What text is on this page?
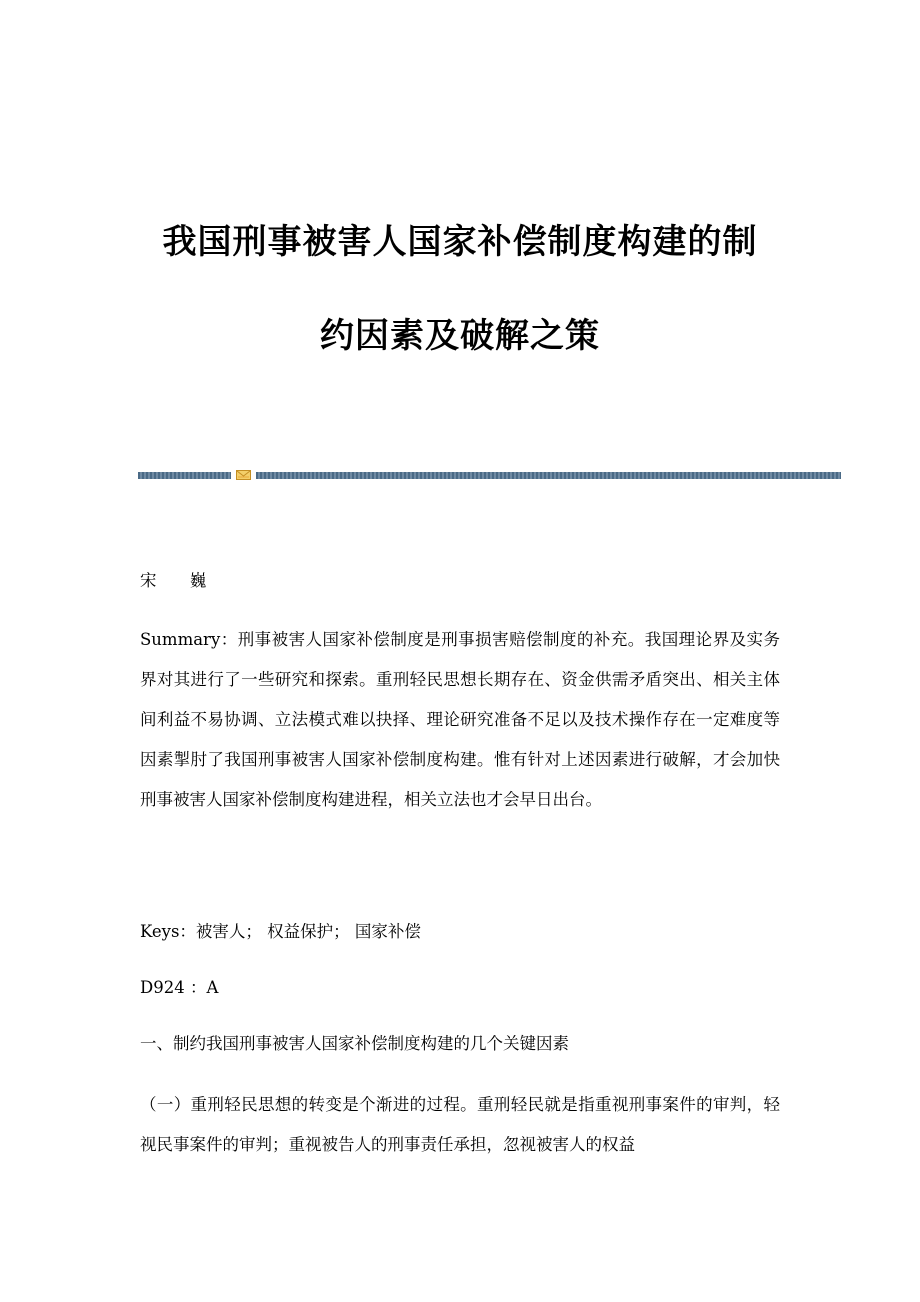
我国刑事被害人国家补偿制度构建的制
约因素及破解之策

宋 巍

Summary：刑事被害人国家补偿制度是刑事损害赔偿制度的补充。我国理论界及实务界对其进行了一些研究和探索。重刑轻民思想长期存在、资金供需矛盾突出、相关主体间利益不易协调、立法模式难以抉择、理论研究准备不足以及技术操作存在一定难度等因素掣肘了我国刑事被害人国家补偿制度构建。惟有针对上述因素进行破解，才会加快刑事被害人国家补偿制度构建进程，相关立法也才会早日出台。

Keys：被害人； 权益保护； 国家补偿

D924 ：A

一、制约我国刑事被害人国家补偿制度构建的几个关键因素

（一）重刑轻民思想的转变是个渐进的过程。重刑轻民就是指重视刑事案件的审判，轻视民事案件的审判；重视被告人的刑事责任承担，忽视被害人的权益
